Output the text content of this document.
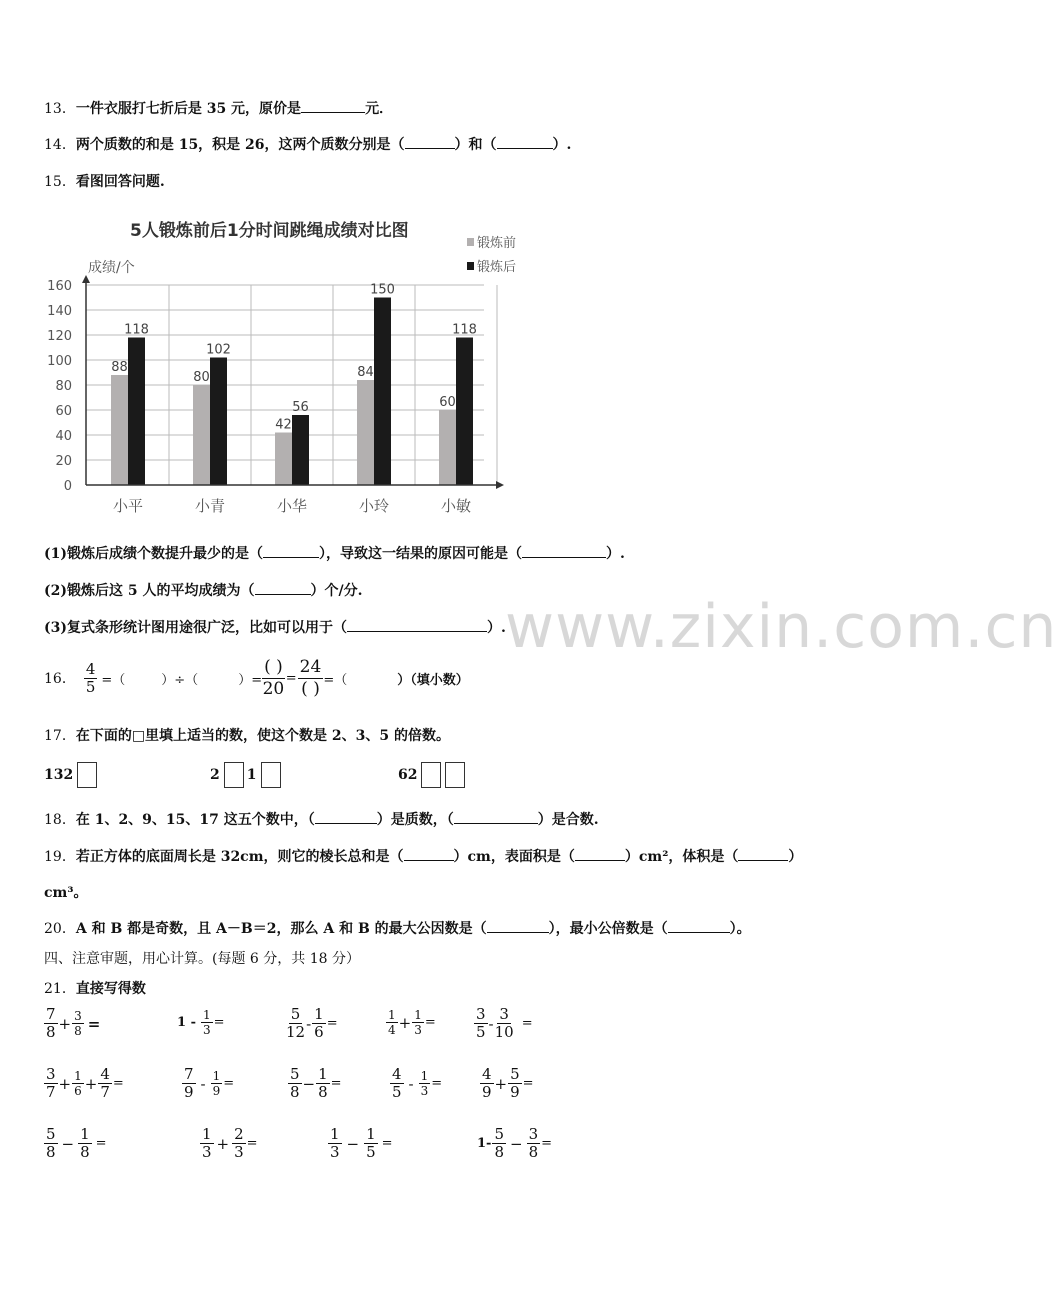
13．一件衣服打七折后是 35 元，原价是	元．
14．两个质数的和是 15，积是 26，这两个质数分别是（	）和（	）.
15．看图回答问题.
5人锻炼前后1分时间跳绳成绩对比图
成绩/个
锻炼前
锻炼后
0
20
40
60
80
100
120
140
160
88
118
80
102
42
56
84
150
60
118
小平	小青	小华	小玲	小敏
(1)锻炼后成绩个数提升最少的是（	），导致这一结果的原因可能是（	）.
(2)锻炼后这 5 人的平均成绩为（	）个/分.
(3)复式条形统计图用途很广泛，比如可以用于（	）. www.zixin.com.cn
16． $\frac{4}{5}$ =（	）÷（	）= $\frac{( )}{20} = \frac{24}{( )}$ =（	）（填小数）
17．在下面的□里填上适当的数，使这个数是 2、3、5 的倍数。
132	2 1	62
18．在 1、2、9、15、17 这五个数中，（	）是质数，（	）是合数.
19．若正方体的底面周长是 32cm，则它的棱长总和是（	）cm，表面积是（	）cm²，体积是（	）
cm³。
20．A 和 B 都是奇数，且 A－B＝2，那么 A 和 B 的最大公因数是（	），最小公倍数是（	）。
四、注意审题，用心计算。(每题 6 分，共 18 分）
21．直接写得数
$\frac{7}{8} + \frac{3}{8}$ =	$1 - \frac{1}{3}$ =	$\frac{5}{12} - \frac{1}{6}$ =	$\frac{1}{4} + \frac{1}{3}$ =	$\frac{3}{5} - \frac{3}{10}$ =
$\frac{3}{7} + \frac{1}{6} + \frac{4}{7}$ =	$\frac{7}{9} - \frac{1}{9}$ =	$\frac{5}{8} - \frac{1}{8}$ =	$\frac{4}{5} - \frac{1}{3}$ =	$\frac{4}{9} + \frac{5}{9}$ =
$\frac{5}{8} - \frac{1}{8}$ =	$\frac{1}{3} + \frac{2}{3}$ =	$\frac{1}{3} - \frac{1}{5}$ =	$1- \frac{5}{8} - \frac{3}{8}$ =
